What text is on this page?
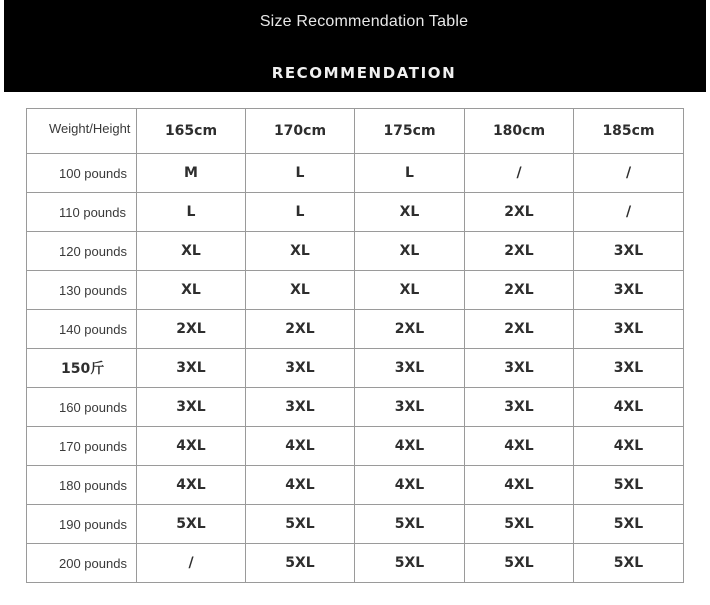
Size Recommendation Table
RECOMMENDATION
Weight/Height	165cm	170cm	175cm	180cm	185cm
100 pounds	M	L	L	/	/
110 pounds	L	L	XL	2XL	/
120 pounds	XL	XL	XL	2XL	3XL
130 pounds	XL	XL	XL	2XL	3XL
140 pounds	2XL	2XL	2XL	2XL	3XL
150斤	3XL	3XL	3XL	3XL	3XL
160 pounds	3XL	3XL	3XL	3XL	4XL
170 pounds	4XL	4XL	4XL	4XL	4XL
180 pounds	4XL	4XL	4XL	4XL	5XL
190 pounds	5XL	5XL	5XL	5XL	5XL
200 pounds	/	5XL	5XL	5XL	5XL
